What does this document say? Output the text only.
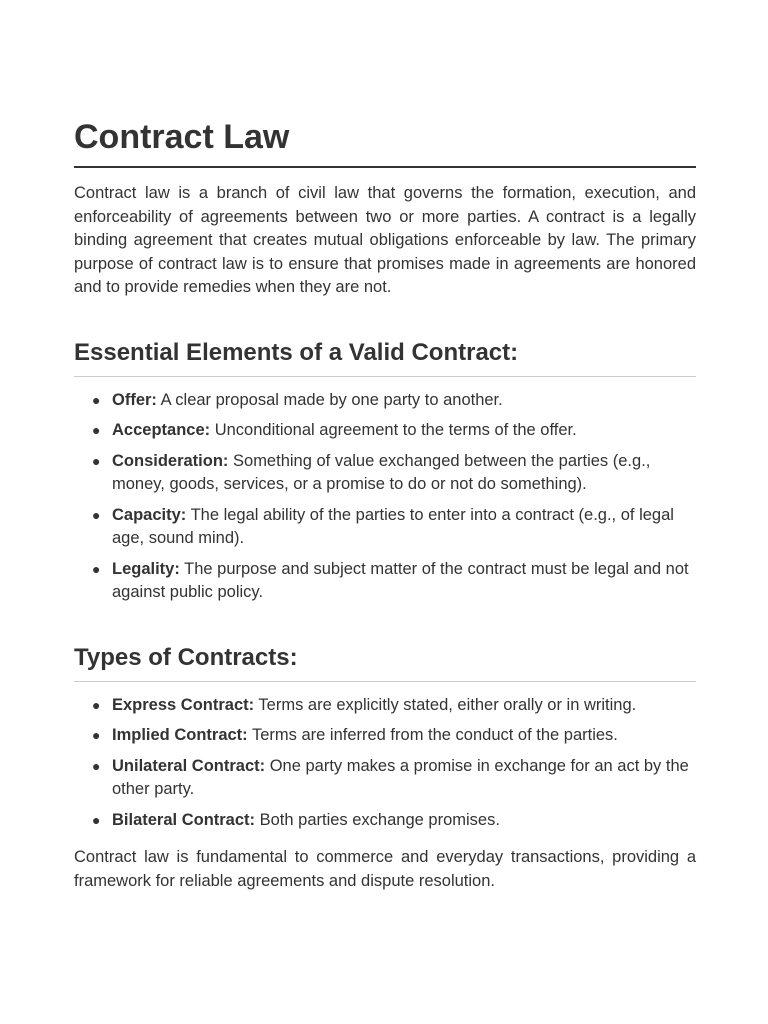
Contract Law

Contract law is a branch of civil law that governs the formation, execution, and enforceability of agreements between two or more parties. A contract is a legally binding agreement that creates mutual obligations enforceable by law. The primary purpose of contract law is to ensure that promises made in agreements are honored and to provide remedies when they are not.

Essential Elements of a Valid Contract:
● Offer: A clear proposal made by one party to another.
● Acceptance: Unconditional agreement to the terms of the offer.
● Consideration: Something of value exchanged between the parties (e.g., money, goods, services, or a promise to do or not do something).
● Capacity: The legal ability of the parties to enter into a contract (e.g., of legal age, sound mind).
● Legality: The purpose and subject matter of the contract must be legal and not against public policy.
Types of Contracts:
● Express Contract: Terms are explicitly stated, either orally or in writing.
● Implied Contract: Terms are inferred from the conduct of the parties.
● Unilateral Contract: One party makes a promise in exchange for an act by the other party.
● Bilateral Contract: Both parties exchange promises.

Contract law is fundamental to commerce and everyday transactions, providing a framework for reliable agreements and dispute resolution.
